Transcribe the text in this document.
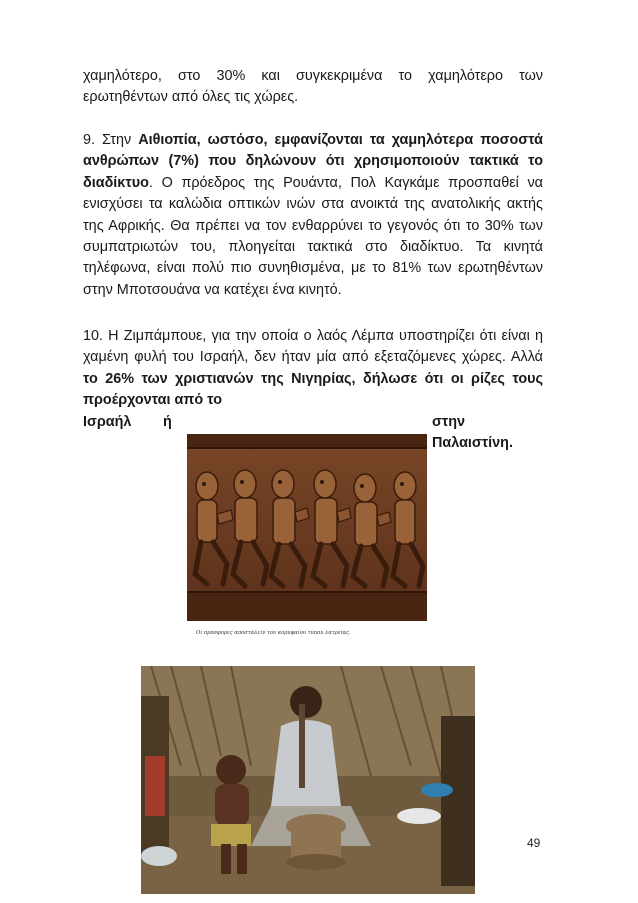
χαμηλότερο, στο 30% και συγκεκριμένα το χαμηλότερο των ερωτηθέντων από όλες τις χώρες.

9. Στην Αιθιοπία, ωστόσο, εμφανίζονται τα χαμηλότερα ποσοστά ανθρώπων (7%) που δηλώνουν ότι χρησιμοποιούν τακτικά το διαδίκτυο. Ο πρόεδρος της Ρουάντα, Πολ Καγκάμε προσπαθεί να ενισχύσει τα καλώδια οπτικών ινών στα ανοικτά της ανατολικής ακτής της Αφρικής. Θα πρέπει να τον ενθαρρύνει το γεγονός ότι το 30% των συμπατριωτών του, πλοηγείται τακτικά στο διαδίκτυο. Τα κινητά τηλέφωνα, είναι πολύ πιο συνηθισμένα, με το 81% των ερωτηθέντων στην Μποτσουάνα να κατέχει ένα κινητό.

10. Η Ζιμπάμπουε, για την οποία ο λαός Λέμπα υποστηρίζει ότι είναι η χαμένη φυλή του Ισραήλ, δεν ήταν μία από εξεταζόμενες χώρες. Αλλά το 26% των χριστιανών της Νιγηρίας, δήλωσε ότι οι ρίζες τους προέρχονται από το

Ισραήλ ή	στην

Παλαιστίνη.

Οι πρόσφορες αποσταλείν του κορυφαίου τύπου λατρείας.
49
